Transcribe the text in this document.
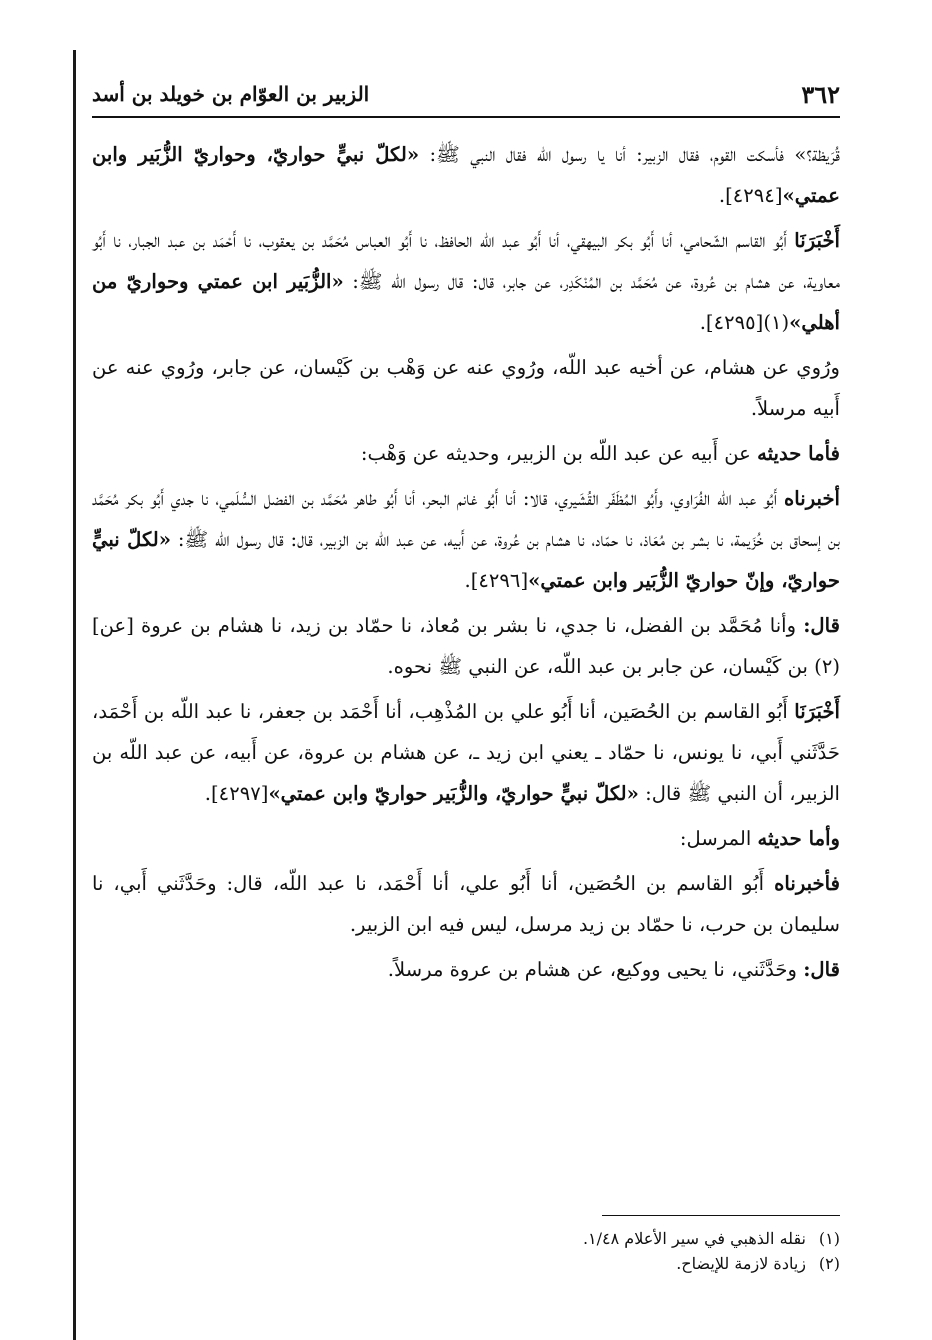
٣٦٢
الزبير بن العوّام بن خويلد بن أسد

قُرَيظة؟» فأسكت القوم، فقال الزبير: أنا يا رسول الله فقال النبي ﷺ: «لكلّ نبيٍّ حواريّ، وحواريّ الزُّبَير وابن عمتي»[٤٢٩٤].

أَخْبَرَنَا أَبُو القاسم الشّحامي، أنا أَبُو بكر البيهقي، أنا أَبُو عبد اللّه الحافظ، نا أَبُو العباس مُحَمَّد بن يعقوب، نا أَحْمَد بن عبد الجبار، نا أَبُو معاوية، عن هشام بن عُروة، عن مُحَمَّد بن المُنْكَدِر، عن جابر، قال: قال رسول الله ﷺ: «الزُّبَير ابن عمتي وحواريّ من أهلي»(١)[٤٢٩٥].

ورُوي عن هشام، عن أخيه عبد اللّه، ورُوي عنه عن وَهْب بن كَيْسان، عن جابر، ورُوي عنه عن أَبيه مرسلاً.

فأما حديثه عن أَبيه عن عبد اللّه بن الزبير، وحديثه عن وَهْب:

أخبرناه أَبُو عبد اللّه الفُرَاوي، وأَبُو المُظَفّر القُشَيري، قالا: أنا أَبُو غانم البحر، أنا أَبُو طاهر مُحَمَّد بن الفضل السُّلَمي، نا جدي أَبُو بكر مُحَمَّد بن إسحاق بن خُزَيمة، نا بشر بن مُعَاذ، نا حمّاد، نا هشام بن عُروة، عن أَبيه، عن عبد اللّه بن الزبير، قال: قال رسول الله ﷺ: «لكلّ نبيٍّ حواريّ، وإنّ حواريّ الزُّبَير وابن عمتي»[٤٢٩٦].

قال: وأنا مُحَمَّد بن الفضل، نا جدي، نا بشر بن مُعاذ، نا حمّاد بن زيد، نا هشام بن عروة [عن](٢) بن كَيْسان، عن جابر بن عبد اللّه، عن النبي ﷺ نحوه.

أَخْبَرَنَا أَبُو القاسم بن الحُصَين، أنا أَبُو علي بن المُذْهِب، أنا أَحْمَد بن جعفر، نا عبد اللّه بن أَحْمَد، حَدَّثَني أَبي، نا يونس، نا حمّاد ـ يعني ابن زيد ـ، عن هشام بن عروة، عن أَبيه، عن عبد اللّه بن الزبير، أن النبي ﷺ قال: «لكلّ نبيٍّ حواريّ، والزُّبَير حواريّ وابن عمتي»[٤٢٩٧].

وأما حديثه المرسل:

فأخبرناه أَبُو القاسم بن الحُصَين، أنا أَبُو علي، أنا أَحْمَد، نا عبد اللّه، قال: وحَدَّثَني أَبي، نا سليمان بن حرب، نا حمّاد بن زيد مرسل، ليس فيه ابن الزبير.

قال: وحَدَّثَني، نا يحيى ووكيع، عن هشام بن عروة مرسلاً.

(١)نقله الذهبي في سير الأعلام ١/٤٨.

(٢)زيادة لازمة للإيضاح.
